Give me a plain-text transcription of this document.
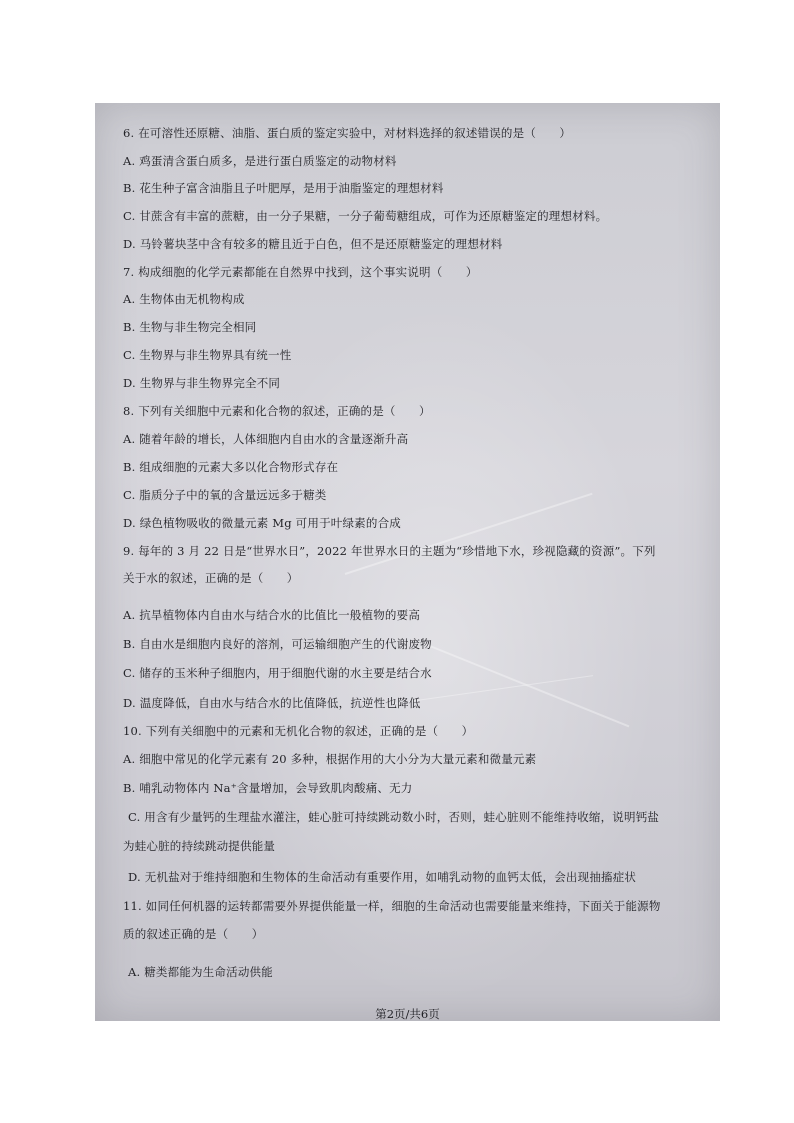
6. 在可溶性还原糖、油脂、蛋白质的鉴定实验中，对材料选择的叙述错误的是（　　）

A. 鸡蛋清含蛋白质多，是进行蛋白质鉴定的动物材料

B. 花生种子富含油脂且子叶肥厚，是用于油脂鉴定的理想材料

C. 甘蔗含有丰富的蔗糖，由一分子果糖，一分子葡萄糖组成，可作为还原糖鉴定的理想材料。

D. 马铃薯块茎中含有较多的糖且近于白色，但不是还原糖鉴定的理想材料

7. 构成细胞的化学元素都能在自然界中找到，这个事实说明（　　）

A. 生物体由无机物构成

B. 生物与非生物完全相同

C. 生物界与非生物界具有统一性

D. 生物界与非生物界完全不同

8. 下列有关细胞中元素和化合物的叙述，正确的是（　　）

A. 随着年龄的增长，人体细胞内自由水的含量逐渐升高

B. 组成细胞的元素大多以化合物形式存在

C. 脂质分子中的氧的含量远远多于糖类

D. 绿色植物吸收的微量元素 Mg 可用于叶绿素的合成

9. 每年的 3 月 22 日是“世界水日”，2022 年世界水日的主题为“珍惜地下水，珍视隐藏的资源”。下列

关于水的叙述，正确的是（　　）

A. 抗旱植物体内自由水与结合水的比值比一般植物的要高

B. 自由水是细胞内良好的溶剂，可运输细胞产生的代谢废物

C. 储存的玉米种子细胞内，用于细胞代谢的水主要是结合水

D. 温度降低，自由水与结合水的比值降低，抗逆性也降低

10. 下列有关细胞中的元素和无机化合物的叙述，正确的是（　　）

A. 细胞中常见的化学元素有 20 多种，根据作用的大小分为大量元素和微量元素

B. 哺乳动物体内 Na⁺含量增加，会导致肌肉酸痛、无力

C. 用含有少量钙的生理盐水灌注，蛙心脏可持续跳动数小时，否则，蛙心脏则不能维持收缩，说明钙盐

为蛙心脏的持续跳动提供能量

D. 无机盐对于维持细胞和生物体的生命活动有重要作用，如哺乳动物的血钙太低，会出现抽搐症状

11. 如同任何机器的运转都需要外界提供能量一样，细胞的生命活动也需要能量来维持，下面关于能源物

质的叙述正确的是（　　）

A. 糖类都能为生命活动供能

第2页/共6页
